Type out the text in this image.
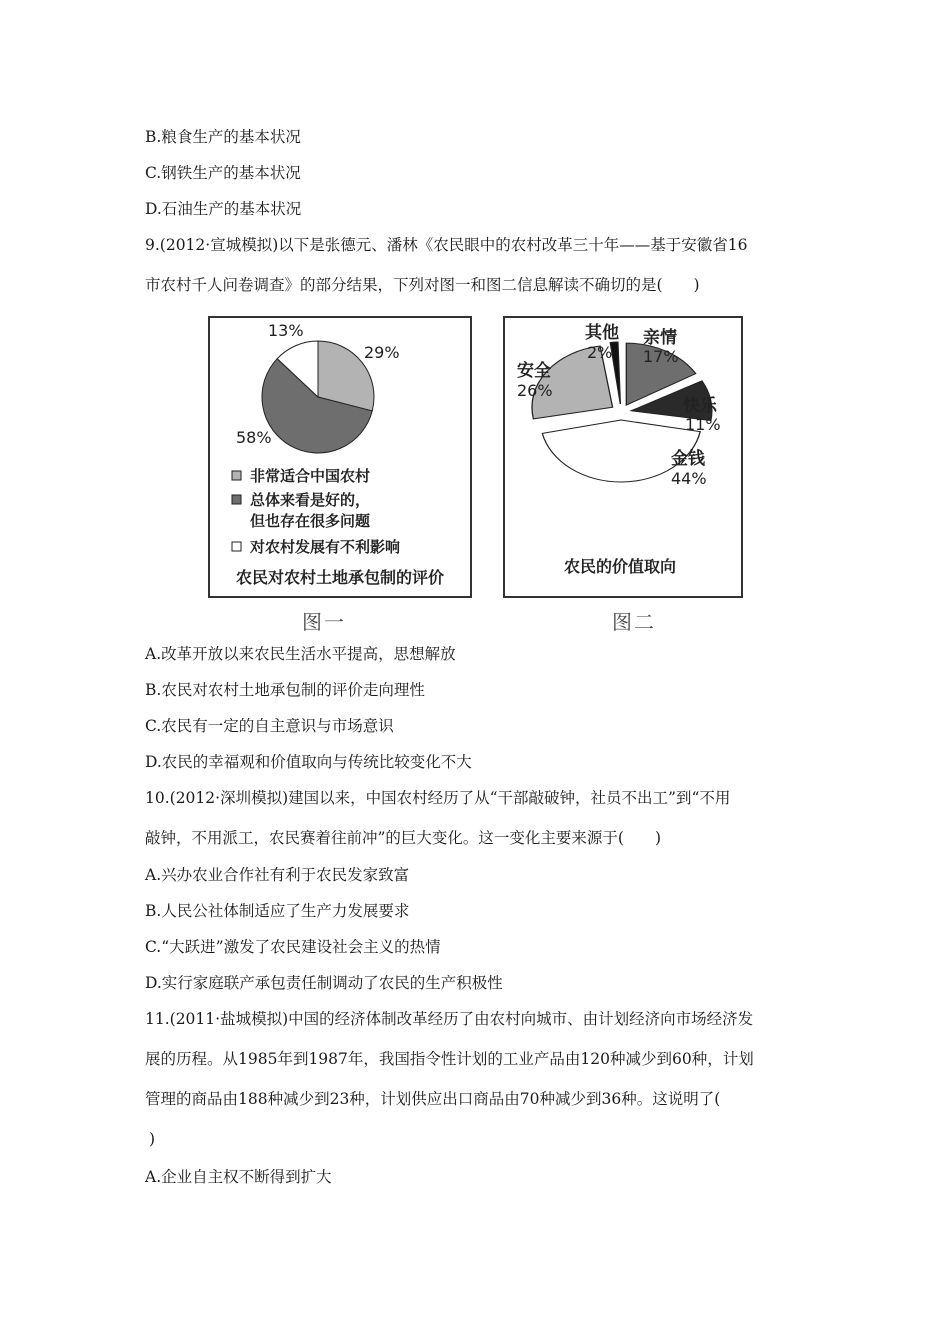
B.粮食生产的基本状况
C.钢铁生产的基本状况
D.石油生产的基本状况
9.(2012·宣城模拟)以下是张德元、潘林《农民眼中的农村改革三十年——基于安徽省16
市农村千人问卷调查》的部分结果，下列对图一和图二信息解读不确切的是(　　)
13%
29%
58%
非常适合中国农村
总体来看是好的，
但也存在很多问题
对农村发展有不利影响
农民对农村土地承包制的评价
图一
其他
2%
亲情
17%
安全
26%
快乐
11%
金钱
44%
农民的价值取向
图二
A.改革开放以来农民生活水平提高，思想解放
B.农民对农村土地承包制的评价走向理性
C.农民有一定的自主意识与市场意识
D.农民的幸福观和价值取向与传统比较变化不大
10.(2012·深圳模拟)建国以来，中国农村经历了从“干部敲破钟，社员不出工”到“不用
敲钟，不用派工，农民赛着往前冲”的巨大变化。这一变化主要来源于(　　)
A.兴办农业合作社有利于农民发家致富
B.人民公社体制适应了生产力发展要求
C.“大跃进”激发了农民建设社会主义的热情
D.实行家庭联产承包责任制调动了农民的生产积极性
11.(2011·盐城模拟)中国的经济体制改革经历了由农村向城市、由计划经济向市场经济发
展的历程。从1985年到1987年，我国指令性计划的工业产品由120种减少到60种，计划
管理的商品由188种减少到23种，计划供应出口商品由70种减少到36种。这说明了(
)
A.企业自主权不断得到扩大
